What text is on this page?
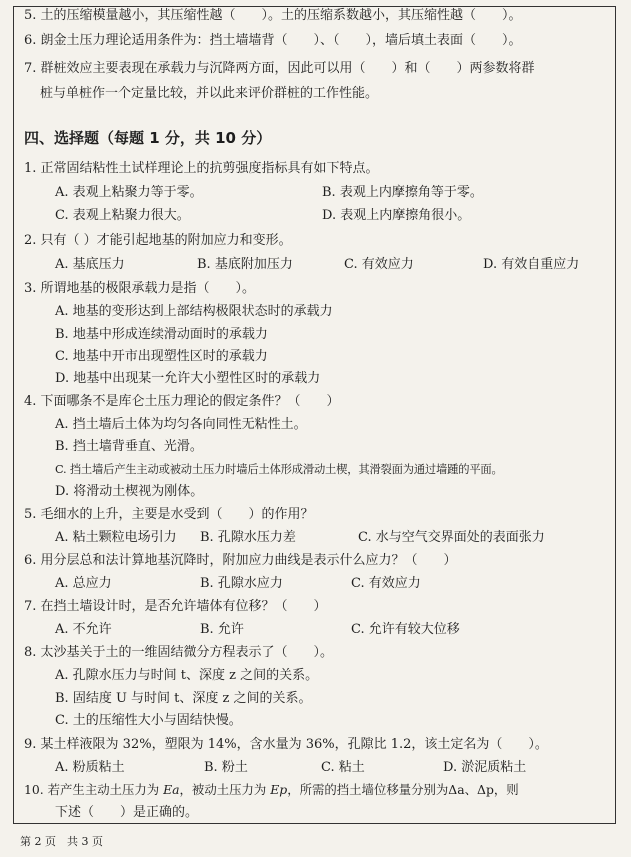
5. 土的压缩模量越小，其压缩性越（　　）。土的压缩系数越小，其压缩性越（　　）。
6. 朗金土压力理论适用条件为：挡土墙墙背（　　）、（　　），墙后填土表面（　　）。
7. 群桩效应主要表现在承载力与沉降两方面，因此可以用（　　）和（　　）两参数将群
桩与单桩作一个定量比较，并以此来评价群桩的工作性能。
四、选择题（每题 1 分，共 10 分）
1. 正常固结粘性土试样理论上的抗剪强度指标具有如下特点。
A. 表观上粘聚力等于零。	B. 表观上内摩擦角等于零。
C. 表观上粘聚力很大。	D. 表观上内摩擦角很小。
2. 只有（ ）才能引起地基的附加应力和变形。
A. 基底压力	B. 基底附加压力	C. 有效应力	D. 有效自重应力
3. 所谓地基的极限承载力是指（　　）。
A. 地基的变形达到上部结构极限状态时的承载力
B. 地基中形成连续滑动面时的承载力
C. 地基中开市出现塑性区时的承载力
D. 地基中出现某一允许大小塑性区时的承载力
4. 下面哪条不是库仑土压力理论的假定条件？（　　）
A. 挡土墙后土体为均匀各向同性无粘性土。
B. 挡土墙背垂直、光滑。
C. 挡土墙后产生主动或被动土压力时墙后土体形成滑动土楔，其滑裂面为通过墙踵的平面。
D. 将滑动土楔视为刚体。
5. 毛细水的上升，主要是水受到（　　）的作用？
A. 粘土颗粒电场引力 B. 孔隙水压力差	C. 水与空气交界面处的表面张力
6. 用分层总和法计算地基沉降时，附加应力曲线是表示什么应力？（　　）
A. 总应力	B. 孔隙水应力	C. 有效应力
7. 在挡土墙设计时，是否允许墙体有位移？（　　）
A. 不允许	B. 允许	C. 允许有较大位移
8. 太沙基关于土的一维固结微分方程表示了（　　）。
A. 孔隙水压力与时间 t、深度 z 之间的关系。
B. 固结度 U 与时间 t、深度 z 之间的关系。
C. 土的压缩性大小与固结快慢。
9. 某土样液限为 32%，塑限为 14%，含水量为 36%，孔隙比 1.2，该土定名为（　　）。
A. 粉质粘土	B. 粉土	C. 粘土	D. 淤泥质粘土
10. 若产生主动土压力为 Ea，被动土压力为 Ep，所需的挡土墙位移量分别为Δa、Δp，则
下述（　　）是正确的。
第 2 页　共 3 页
